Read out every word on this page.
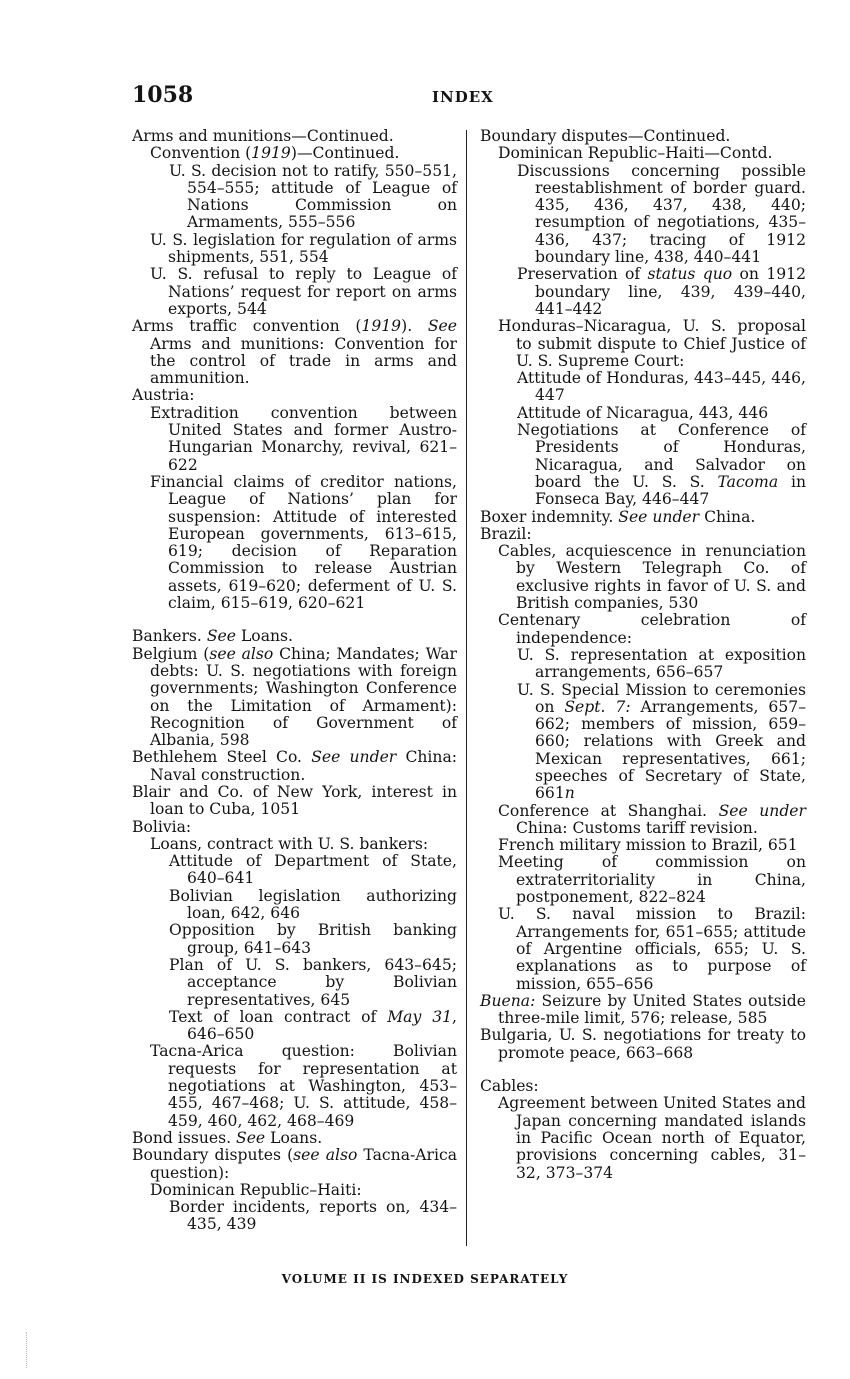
1058	INDEX
Arms and munitions—Continued.
Convention (1919)—Continued.
U. S. decision not to ratify, 550–551, 554–555; attitude of League of Nations Commission on Armaments, 555–556
U. S. legislation for regulation of arms shipments, 551, 554
U. S. refusal to reply to League of Nations’ request for report on arms exports, 544
Arms traffic convention (1919). See Arms and munitions: Convention for the control of trade in arms and ammunition.
Austria:
Extradition convention between United States and former Austro-Hungarian Monarchy, revival, 621–622
Financial claims of creditor nations, League of Nations’ plan for suspension: Attitude of interested European governments, 613–615, 619; decision of Reparation Commission to release Austrian assets, 619–620; deferment of U. S. claim, 615–619, 620–621
Bankers. See Loans.
Belgium (see also China; Mandates; War debts: U. S. negotiations with foreign governments; Washington Conference on the Limitation of Armament): Recognition of Government of Albania, 598
Bethlehem Steel Co. See under China: Naval construction.
Blair and Co. of New York, interest in loan to Cuba, 1051
Bolivia:
Loans, contract with U. S. bankers:
Attitude of Department of State, 640–641
Bolivian legislation authorizing loan, 642, 646
Opposition by British banking group, 641–643
Plan of U. S. bankers, 643–645; acceptance by Bolivian representatives, 645
Text of loan contract of May 31, 646–650
Tacna-Arica question: Bolivian requests for representation at negotiations at Washington, 453–455, 467–468; U. S. attitude, 458–459, 460, 462, 468–469
Bond issues. See Loans.
Boundary disputes (see also Tacna-Arica question):
Dominican Republic–Haiti:
Border incidents, reports on, 434–435, 439
Boundary disputes—Continued.
Dominican Republic–Haiti—Contd.
Discussions concerning possible reestablishment of border guard. 435, 436, 437, 438, 440; resumption of negotiations, 435–436, 437; tracing of 1912 boundary line, 438, 440–441
Preservation of status quo on 1912 boundary line, 439, 439–440, 441–442
Honduras–Nicaragua, U. S. proposal to submit dispute to Chief Justice of U. S. Supreme Court:
Attitude of Honduras, 443–445, 446, 447
Attitude of Nicaragua, 443, 446
Negotiations at Conference of Presidents of Honduras, Nicaragua, and Salvador on board the U. S. S. Tacoma in Fonseca Bay, 446–447
Boxer indemnity. See under China.
Brazil:
Cables, acquiescence in renunciation by Western Telegraph Co. of exclusive rights in favor of U. S. and British companies, 530
Centenary celebration of independence:
U. S. representation at exposition arrangements, 656–657
U. S. Special Mission to ceremonies on Sept. 7: Arrangements, 657–662; members of mission, 659–660; relations with Greek and Mexican representatives, 661; speeches of Secretary of State, 661n
Conference at Shanghai. See under China: Customs tariff revision.
French military mission to Brazil, 651
Meeting of commission on extraterritoriality in China, postponement, 822–824
U. S. naval mission to Brazil: Arrangements for, 651–655; attitude of Argentine officials, 655; U. S. explanations as to purpose of mission, 655–656
Buena: Seizure by United States outside three-mile limit, 576; release, 585
Bulgaria, U. S. negotiations for treaty to promote peace, 663–668
Cables:
Agreement between United States and Japan concerning mandated islands in Pacific Ocean north of Equator, provisions concerning cables, 31–32, 373–374
VOLUME II IS INDEXED SEPARATELY
